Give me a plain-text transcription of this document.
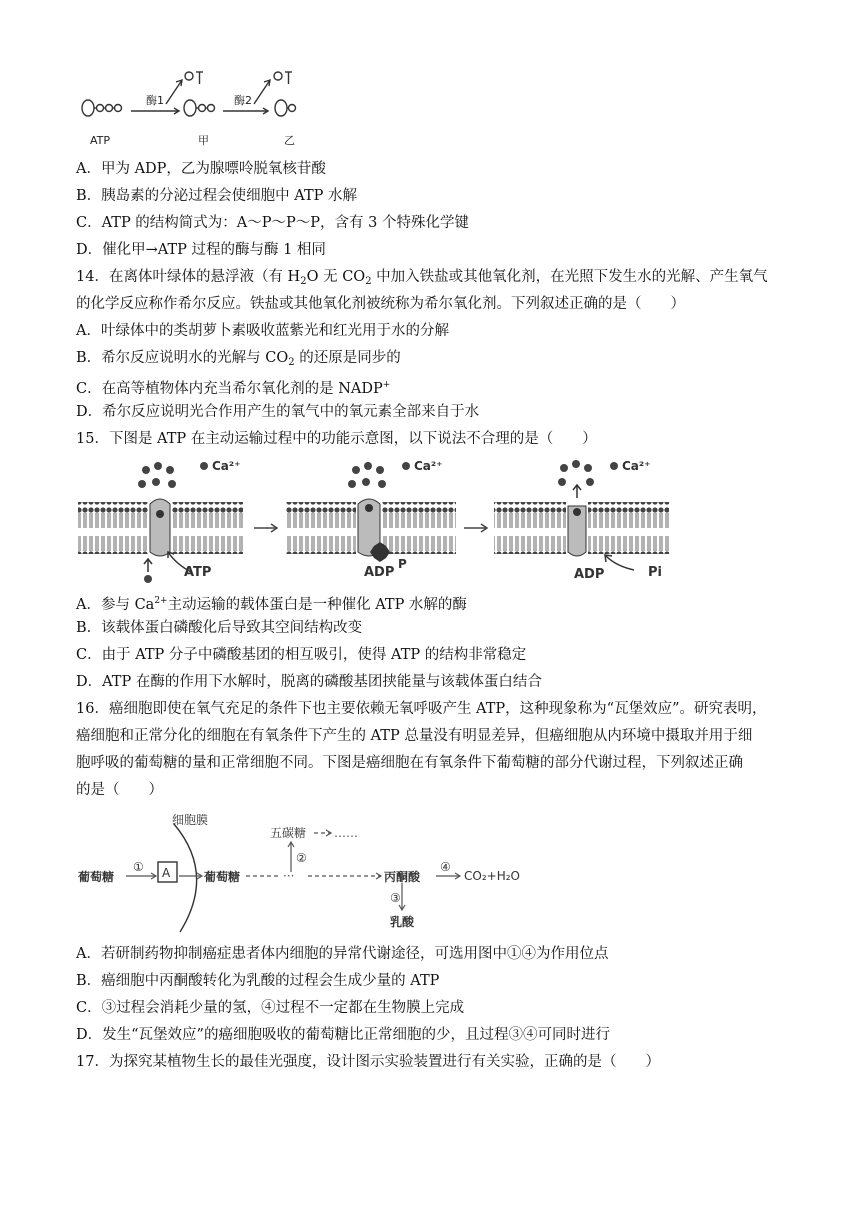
酶1	酶2
ATP	甲	乙
A．甲为 ADP，乙为腺嘌呤脱氧核苷酸
B．胰岛素的分泌过程会使细胞中 ATP 水解
C．ATP 的结构简式为：A～P～P～P，含有 3 个特殊化学键
D．催化甲→ATP 过程的酶与酶 1 相同
14．在离体叶绿体的悬浮液（有 $H_2O$ 无 $CO_2$ 中加入铁盐或其他氧化剂，在光照下发生水的光解、产生氧气
的化学反应称作希尔反应。铁盐或其他氧化剂被统称为希尔氧化剂。下列叙述正确的是（　　）
A．叶绿体中的类胡萝卜素吸收蓝紫光和红光用于水的分解
B．希尔反应说明水的光解与 $CO_2$ 的还原是同步的
C．在高等植物体内充当希尔氧化剂的是 NADP+
D．希尔反应说明光合作用产生的氧气中的氧元素全部来自于水
15．下图是 ATP 在主动运输过程中的功能示意图，以下说法不合理的是（　　）
Ca²⁺
ATP
Ca²⁺
ADP
P
Ca²⁺
ADP	Pi
A．参与 $Ca^{2+}$主动运输的载体蛋白是一种催化 ATP 水解的酶
B．该载体蛋白磷酸化后导致其空间结构改变
C．由于 ATP 分子中磷酸基团的相互吸引，使得 ATP 的结构非常稳定
D．ATP 在酶的作用下水解时，脱离的磷酸基团挟能量与该载体蛋白结合
16．癌细胞即使在氧气充足的条件下也主要依赖无氧呼吸产生 ATP，这种现象称为“瓦堡效应”。研究表明，
癌细胞和正常分化的细胞在有氧条件下产生的 ATP 总量没有明显差异，但癌细胞从内环境中摄取并用于细
胞呼吸的葡萄糖的量和正常细胞不同。下图是癌细胞在有氧条件下葡萄糖的部分代谢过程，下列叙述正确
的是（　　）
细胞膜
葡萄糖
① A	葡萄糖	···
五碳糖 ……
②
丙酮酸
④
CO₂+H₂O
③
乳酸
A．若研制药物抑制癌症患者体内细胞的异常代谢途径，可选用图中①④为作用位点
B．癌细胞中丙酮酸转化为乳酸的过程会生成少量的 ATP
C．③过程会消耗少量的氢，④过程不一定都在生物膜上完成
D．发生“瓦堡效应”的癌细胞吸收的葡萄糖比正常细胞的少，且过程③④可同时进行
17．为探究某植物生长的最佳光强度，设计图示实验装置进行有关实验，正确的是（　　）
